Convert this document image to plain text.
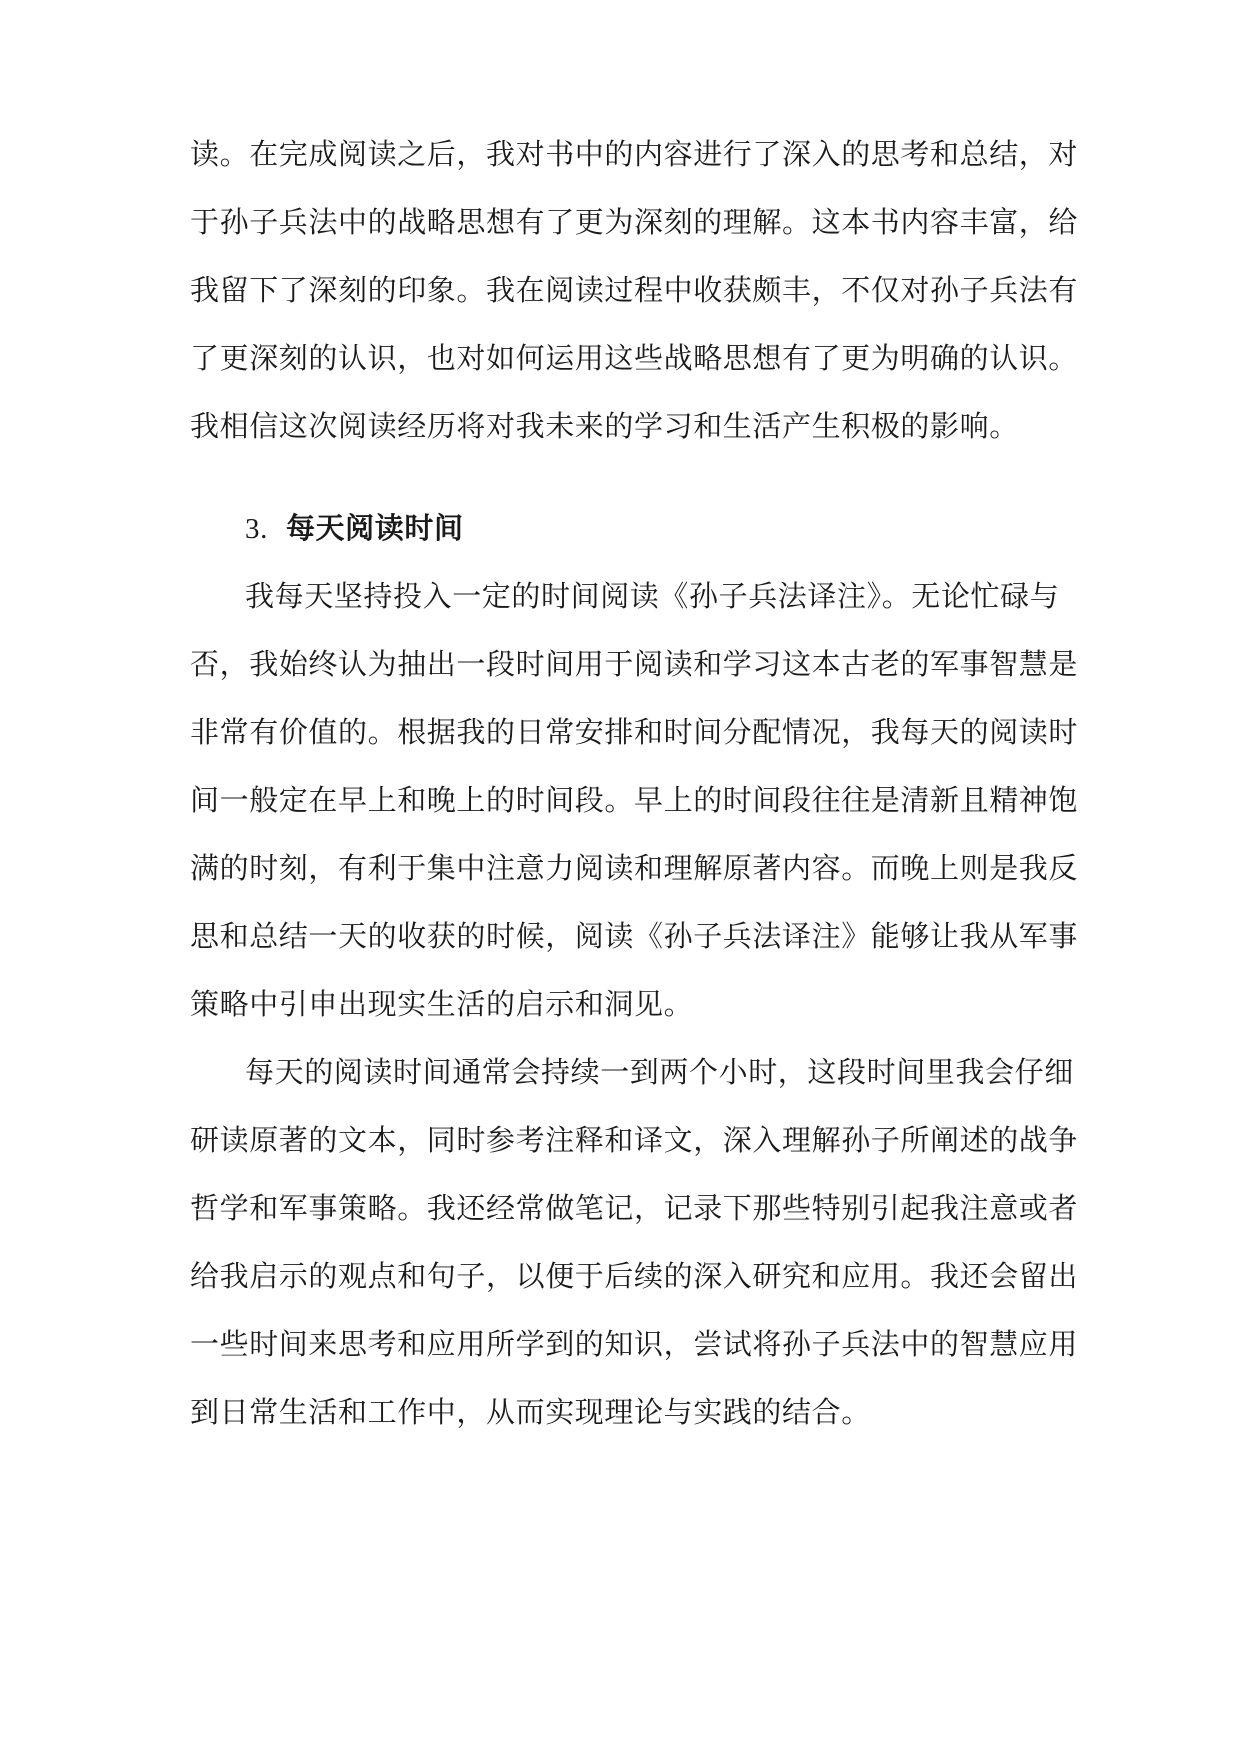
读。在完成阅读之后，我对书中的内容进行了深入的思考和总结，对
于孙子兵法中的战略思想有了更为深刻的理解。这本书内容丰富，给
我留下了深刻的印象。我在阅读过程中收获颇丰，不仅对孙子兵法有
了更深刻的认识，也对如何运用这些战略思想有了更为明确的认识。
我相信这次阅读经历将对我未来的学习和生活产生积极的影响。
3. 每天阅读时间
我每天坚持投入一定的时间阅读《孙子兵法译注》。无论忙碌与
否，我始终认为抽出一段时间用于阅读和学习这本古老的军事智慧是
非常有价值的。根据我的日常安排和时间分配情况，我每天的阅读时
间一般定在早上和晚上的时间段。早上的时间段往往是清新且精神饱
满的时刻，有利于集中注意力阅读和理解原著内容。而晚上则是我反
思和总结一天的收获的时候，阅读《孙子兵法译注》能够让我从军事
策略中引申出现实生活的启示和洞见。
每天的阅读时间通常会持续一到两个小时，这段时间里我会仔细
研读原著的文本，同时参考注释和译文，深入理解孙子所阐述的战争
哲学和军事策略。我还经常做笔记，记录下那些特别引起我注意或者
给我启示的观点和句子，以便于后续的深入研究和应用。我还会留出
一些时间来思考和应用所学到的知识，尝试将孙子兵法中的智慧应用
到日常生活和工作中，从而实现理论与实践的结合。
